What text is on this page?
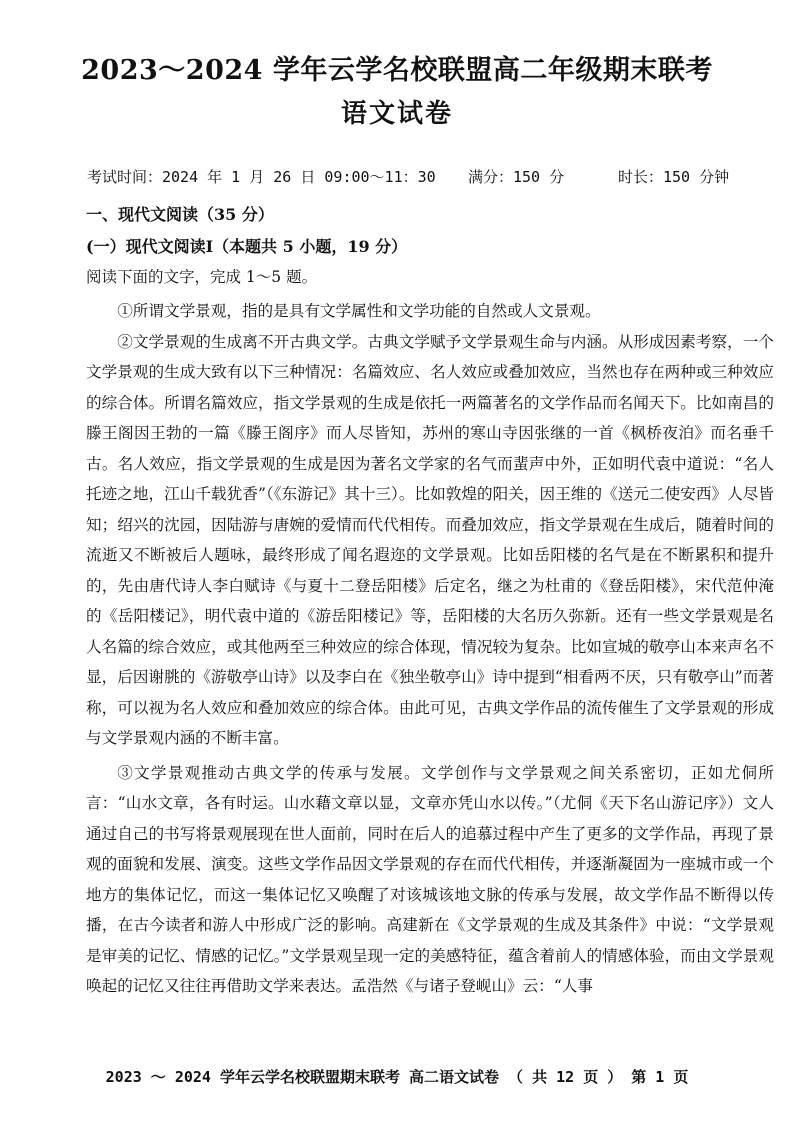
2023～2024 学年云学名校联盟高二年级期末联考
语文试卷
考试时间：2024 年 1 月 26 日 09:00～11：30 满分：150 分	时长：150 分钟
一、现代文阅读（35 分）
(一）现代文阅读Ⅰ（本题共 5 小题，19 分）
阅读下面的文字，完成 1～5 题。

①所谓文学景观，指的是具有文学属性和文学功能的自然或人文景观。

②文学景观的生成离不开古典文学。古典文学赋予文学景观生命与内涵。从形成因素考察，一个文学景观的生成大致有以下三种情况：名篇效应、名人效应或叠加效应，当然也存在两种或三种效应的综合体。所谓名篇效应，指文学景观的生成是依托一两篇著名的文学作品而名闻天下。比如南昌的滕王阁因王勃的一篇《滕王阁序》而人尽皆知，苏州的寒山寺因张继的一首《枫桥夜泊》而名垂千古。名人效应，指文学景观的生成是因为著名文学家的名气而蜚声中外，正如明代袁中道说：“名人托迹之地，江山千载犹香”（《东游记》其十三）。比如敦煌的阳关，因王维的《送元二使安西》人尽皆知；绍兴的沈园，因陆游与唐婉的爱情而代代相传。而叠加效应，指文学景观在生成后，随着时间的流逝又不断被后人题咏，最终形成了闻名遐迩的文学景观。比如岳阳楼的名气是在不断累积和提升的，先由唐代诗人李白赋诗《与夏十二登岳阳楼》后定名，继之为杜甫的《登岳阳楼》，宋代范仲淹的《岳阳楼记》，明代袁中道的《游岳阳楼记》等，岳阳楼的大名历久弥新。还有一些文学景观是名人名篇的综合效应，或其他两至三种效应的综合体现，情况较为复杂。比如宣城的敬亭山本来声名不显，后因谢朓的《游敬亭山诗》以及李白在《独坐敬亭山》诗中提到“相看两不厌，只有敬亭山”而著称，可以视为名人效应和叠加效应的综合体。由此可见，古典文学作品的流传催生了文学景观的形成与文学景观内涵的不断丰富。

③文学景观推动古典文学的传承与发展。文学创作与文学景观之间关系密切，正如尤侗所言：“山水文章，各有时运。山水藉文章以显，文章亦凭山水以传。”（尤侗《天下名山游记序》）文人通过自己的书写将景观展现在世人面前，同时在后人的追慕过程中产生了更多的文学作品，再现了景观的面貌和发展、演变。这些文学作品因文学景观的存在而代代相传，并逐渐凝固为一座城市或一个地方的集体记忆，而这一集体记忆又唤醒了对该城该地文脉的传承与发展，故文学作品不断得以传播，在古今读者和游人中形成广泛的影响。高建新在《文学景观的生成及其条件》中说：“文学景观是审美的记忆、情感的记忆。”文学景观呈现一定的美感特征，蕴含着前人的情感体验，而由文学景观唤起的记忆又往往再借助文学来表达。孟浩然《与诸子登岘山》云：“人事

2023 ～ 2024 学年云学名校联盟期末联考 高二语文试卷 （ 共 12 页 ） 第 1 页
